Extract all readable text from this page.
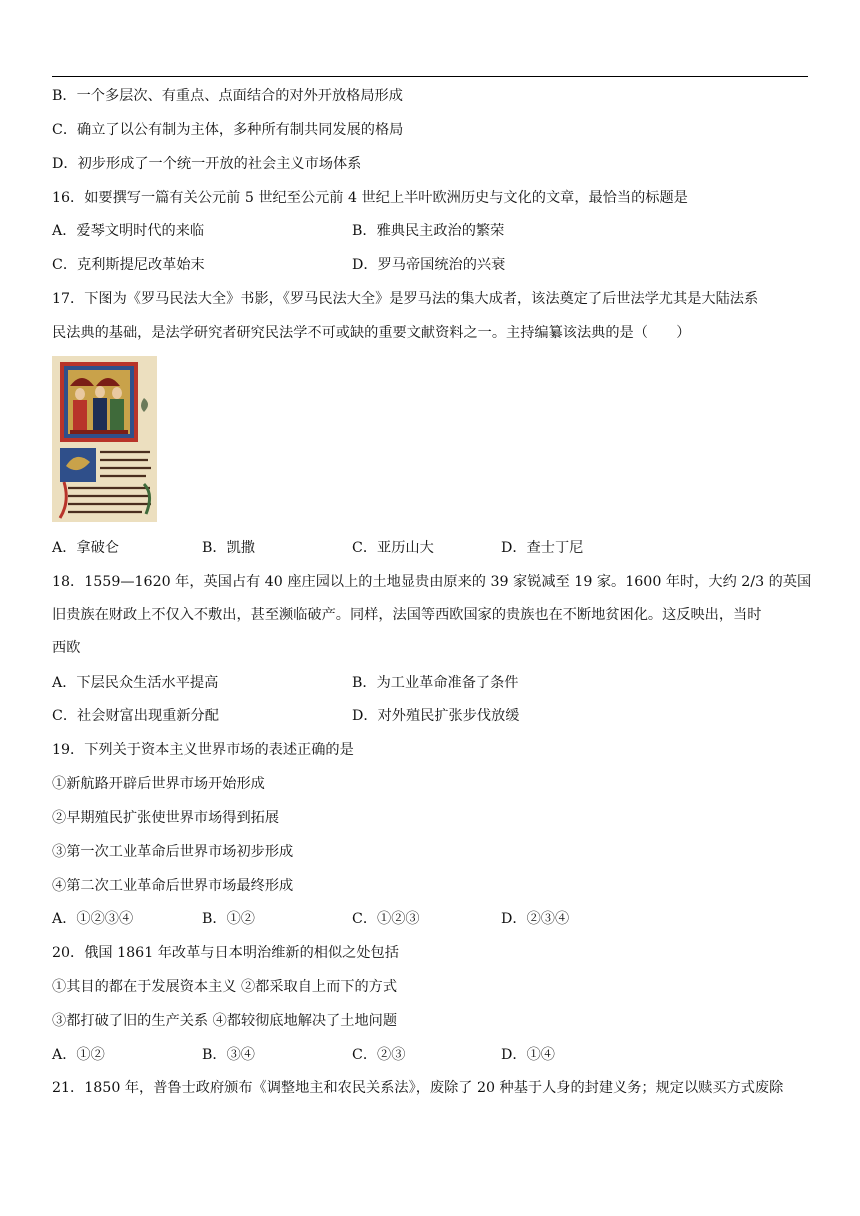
B．一个多层次、有重点、点面结合的对外开放格局形成
C．确立了以公有制为主体，多种所有制共同发展的格局
D．初步形成了一个统一开放的社会主义市场体系
16．如要撰写一篇有关公元前 5 世纪至公元前 4 世纪上半叶欧洲历史与文化的文章，最恰当的标题是
A．爱琴文明时代的来临	B．雅典民主政治的繁荣
C．克利斯提尼改革始末	D．罗马帝国统治的兴衰
17．下图为《罗马民法大全》书影，《罗马民法大全》是罗马法的集大成者，该法奠定了后世法学尤其是大陆法系
民法典的基础，是法学研究者研究民法学不可或缺的重要文献资料之一。主持编纂该法典的是（　　）
A．拿破仑	B．凯撒	C．亚历山大	D．查士丁尼
18．1559—1620 年，英国占有 40 座庄园以上的土地显贵由原来的 39 家锐减至 19 家。1600 年时，大约 2/3 的英国
旧贵族在财政上不仅入不敷出，甚至濒临破产。同样，法国等西欧国家的贵族也在不断地贫困化。这反映出，当时
西欧
A．下层民众生活水平提高	B．为工业革命准备了条件
C．社会财富出现重新分配	D．对外殖民扩张步伐放缓
19．下列关于资本主义世界市场的表述正确的是
①新航路开辟后世界市场开始形成
②早期殖民扩张使世界市场得到拓展
③第一次工业革命后世界市场初步形成
④第二次工业革命后世界市场最终形成
A．①②③④	B．①②	C．①②③	D．②③④
20．俄国 1861 年改革与日本明治维新的相似之处包括
①其目的都在于发展资本主义 ②都采取自上而下的方式
③都打破了旧的生产关系 ④都较彻底地解决了土地问题
A．①②	B．③④	C．②③	D．①④
21．1850 年，普鲁士政府颁布《调整地主和农民关系法》，废除了 20 种基于人身的封建义务；规定以赎买方式废除
